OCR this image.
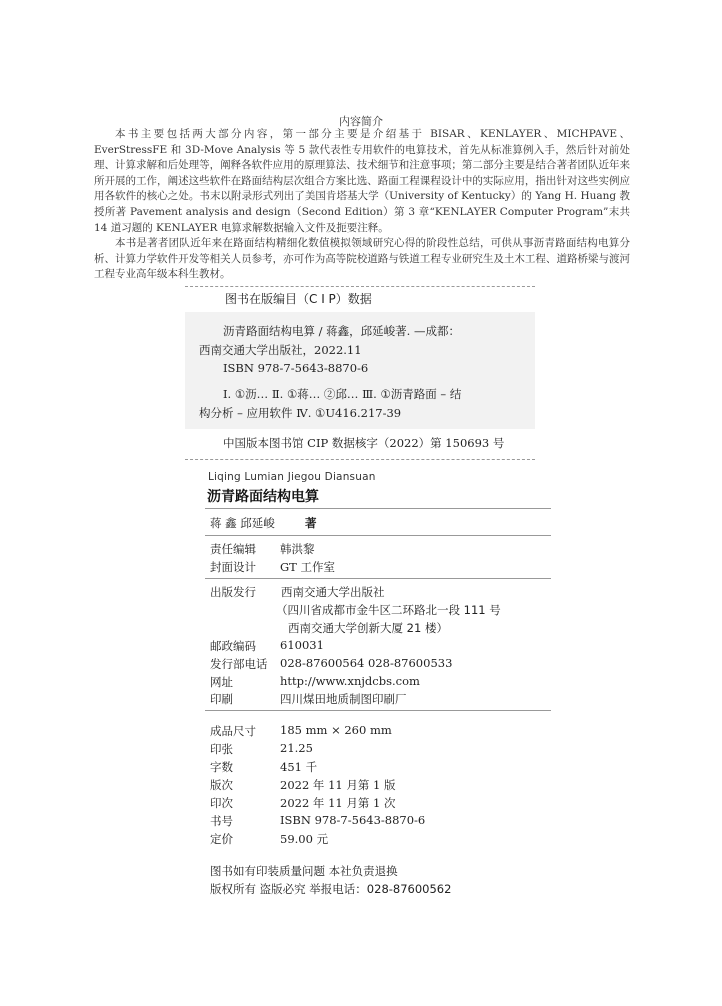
内容简介

本书主要包括两大部分内容，第一部分主要是介绍基于 BISAR、KENLAYER、MICHPAVE、EverStressFE 和 3D-Move Analysis 等 5 款代表性专用软件的电算技术，首先从标准算例入手，然后针对前处理、计算求解和后处理等，阐释各软件应用的原理算法、技术细节和注意事项；第二部分主要是结合著者团队近年来所开展的工作，阐述这些软件在路面结构层次组合方案比选、路面工程课程设计中的实际应用，指出针对这些实例应用各软件的核心之处。书末以附录形式列出了美国肯塔基大学（University of Kentucky）的 Yang H. Huang 教授所著 Pavement analysis and design（Second Edition）第 3 章“KENLAYER Computer Program”末共 14 道习题的 KENLAYER 电算求解数据输入文件及扼要注释。

本书是著者团队近年来在路面结构精细化数值模拟领域研究心得的阶段性总结，可供从事沥青路面结构电算分析、计算力学软件开发等相关人员参考，亦可作为高等院校道路与铁道工程专业研究生及土木工程、道路桥梁与渡河工程专业高年级本科生教材。

图书在版编目（C I P）数据
沥青路面结构电算 / 蒋鑫，邱延峻著. —成都：
西南交通大学出版社，2022.11
ISBN 978-7-5643-8870-6
Ⅰ. ①沥… Ⅱ. ①蒋… ②邱… Ⅲ. ①沥青路面 – 结
构分析 – 应用软件 Ⅳ. ①U416.217-39
中国版本图书馆 CIP 数据核字（2022）第 150693 号
Liqing Lumian Jiegou Diansuan
沥青路面结构电算
蒋 鑫 邱延峻	著
责任编辑 韩洪黎
封面设计 GT 工作室
出版发行 西南交通大学出版社
（四川省成都市金牛区二环路北一段 111 号
西南交通大学创新大厦 21 楼）
邮政编码 610031
发行部电话 028-87600564 028-87600533
网址	http://www.xnjdcbs.com
印刷	四川煤田地质制图印刷厂
成品尺寸 185 mm × 260 mm
印张	21.25
字数	451 千
版次	2022 年 11 月第 1 版
印次	2022 年 11 月第 1 次
书号	ISBN 978-7-5643-8870-6
定价	59.00 元
图书如有印装质量问题 本社负责退换
版权所有 盗版必究 举报电话：028-87600562
